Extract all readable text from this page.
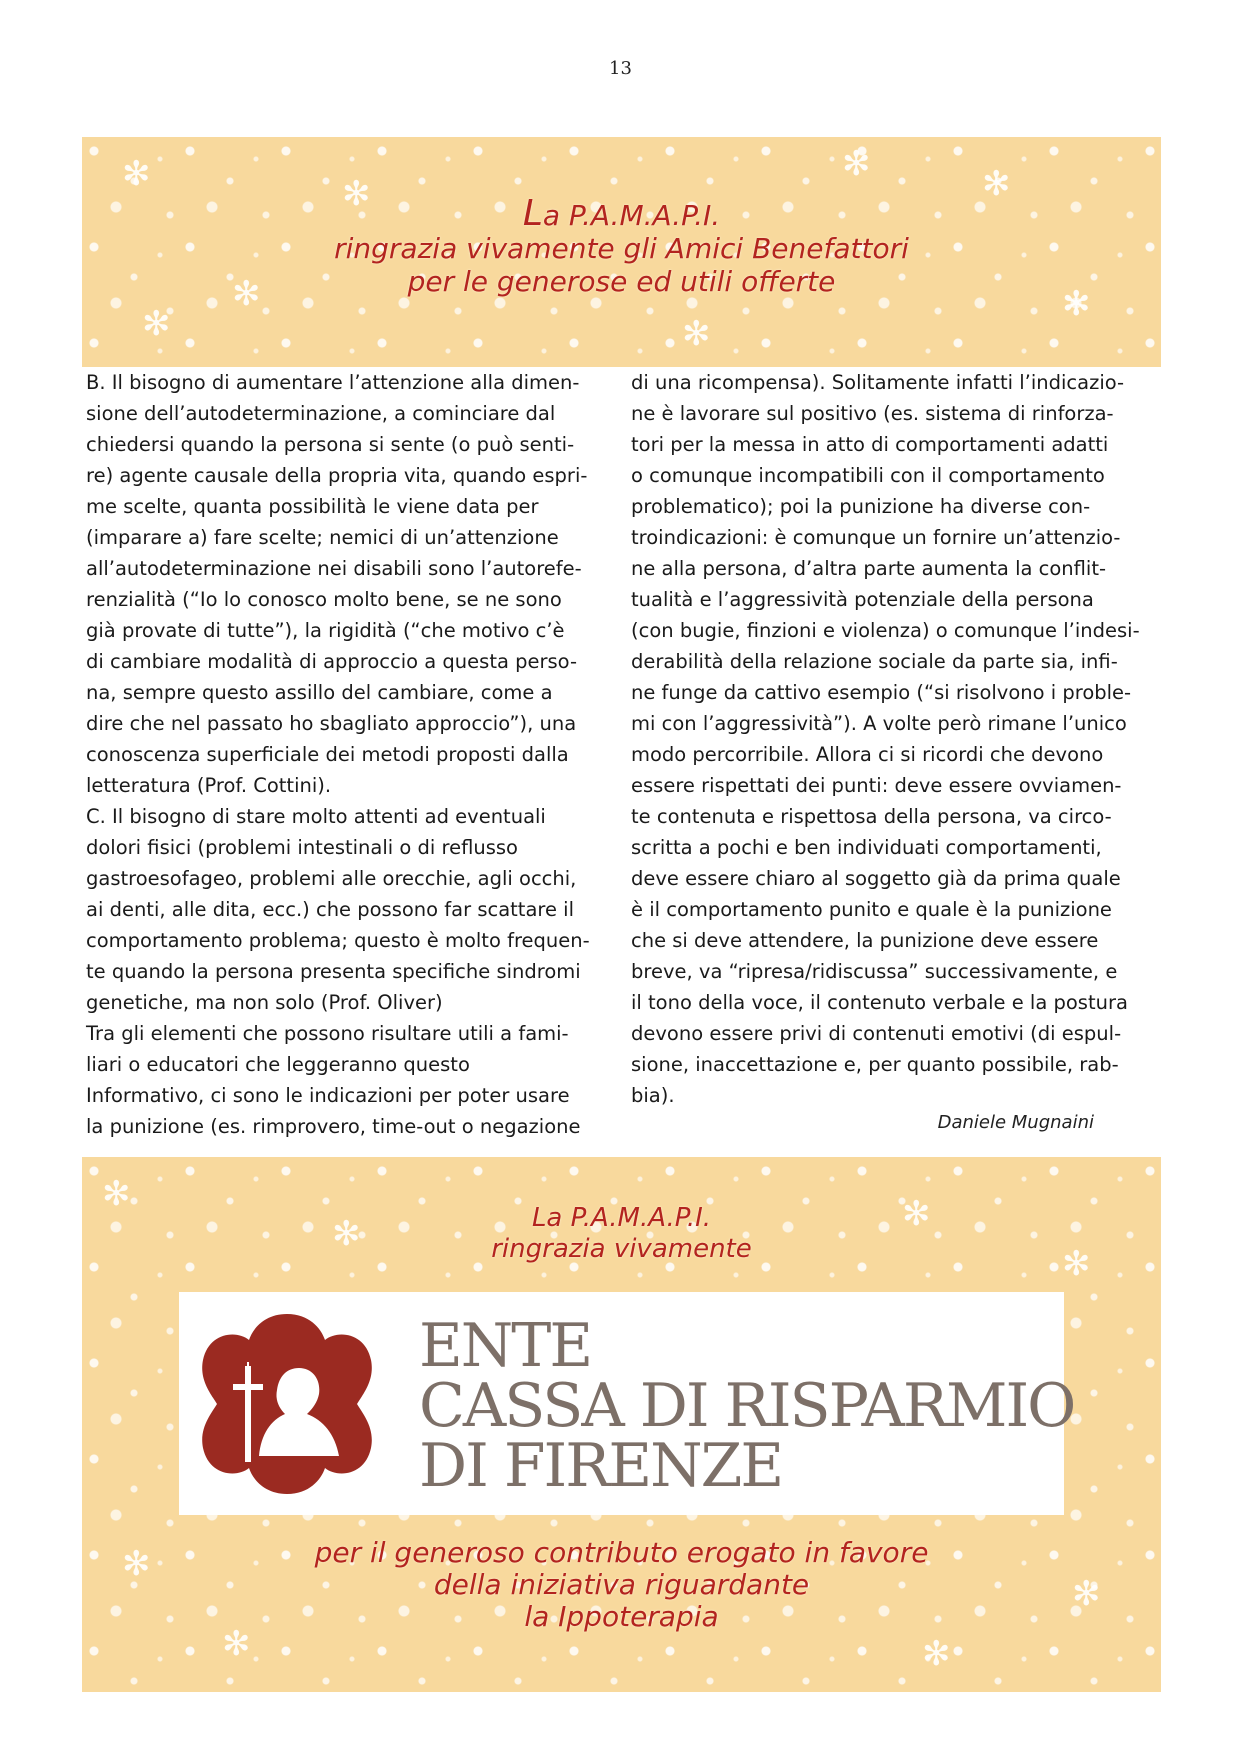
13
✻
✻
✻	✻
✻
✻
✻
✻
La P.A.M.A.P.I.
ringrazia vivamente gli Amici Benefattori
per le generose ed utili offerte
B. Il bisogno di aumentare l’attenzione alla dimen-
sione dell’autodeterminazione, a cominciare dal
chiedersi quando la persona si sente (o può senti-
re) agente causale della propria vita, quando espri-
me scelte, quanta possibilità le viene data per
(imparare a) fare scelte; nemici di un’attenzione
all’autodeterminazione nei disabili sono l’autorefe-
renzialità (“Io lo conosco molto bene, se ne sono
già provate di tutte”), la rigidità (“che motivo c’è
di cambiare modalità di approccio a questa perso-
na, sempre questo assillo del cambiare, come a
dire che nel passato ho sbagliato approccio”), una
conoscenza superficiale dei metodi proposti dalla
letteratura (Prof. Cottini).
C. Il bisogno di stare molto attenti ad eventuali
dolori fisici (problemi intestinali o di reflusso
gastroesofageo, problemi alle orecchie, agli occhi,
ai denti, alle dita, ecc.) che possono far scattare il
comportamento problema; questo è molto frequen-
te quando la persona presenta specifiche sindromi
genetiche, ma non solo (Prof. Oliver)
Tra gli elementi che possono risultare utili a fami-
liari o educatori che leggeranno questo
Informativo, ci sono le indicazioni per poter usare
la punizione (es. rimprovero, time-out o negazione
di una ricompensa). Solitamente infatti l’indicazio-
ne è lavorare sul positivo (es. sistema di rinforza-
tori per la messa in atto di comportamenti adatti
o comunque incompatibili con il comportamento
problematico); poi la punizione ha diverse con-
troindicazioni: è comunque un fornire un’attenzio-
ne alla persona, d’altra parte aumenta la conflit-
tualità e l’aggressività potenziale della persona
(con bugie, finzioni e violenza) o comunque l’indesi-
derabilità della relazione sociale da parte sia, infi-
ne funge da cattivo esempio (“si risolvono i proble-
mi con l’aggressività”). A volte però rimane l’unico
modo percorribile. Allora ci si ricordi che devono
essere rispettati dei punti: deve essere ovviamen-
te contenuta e rispettosa della persona, va circo-
scritta a pochi e ben individuati comportamenti,
deve essere chiaro al soggetto già da prima quale
è il comportamento punito e quale è la punizione
che si deve attendere, la punizione deve essere
breve, va “ripresa/ridiscussa” successivamente, e
il tono della voce, il contenuto verbale e la postura
devono essere privi di contenuti emotivi (di espul-
sione, inaccettazione e, per quanto possibile, rab-
bia).
Daniele Mugnaini
✻
✻	✻
✻
✻
✻
✻	✻
La P.A.M.A.P.I.
ringrazia vivamente
ENTE
CASSA DI RISPARMIO
DI FIRENZE
per il generoso contributo erogato in favore
della iniziativa riguardante
la Ippoterapia
